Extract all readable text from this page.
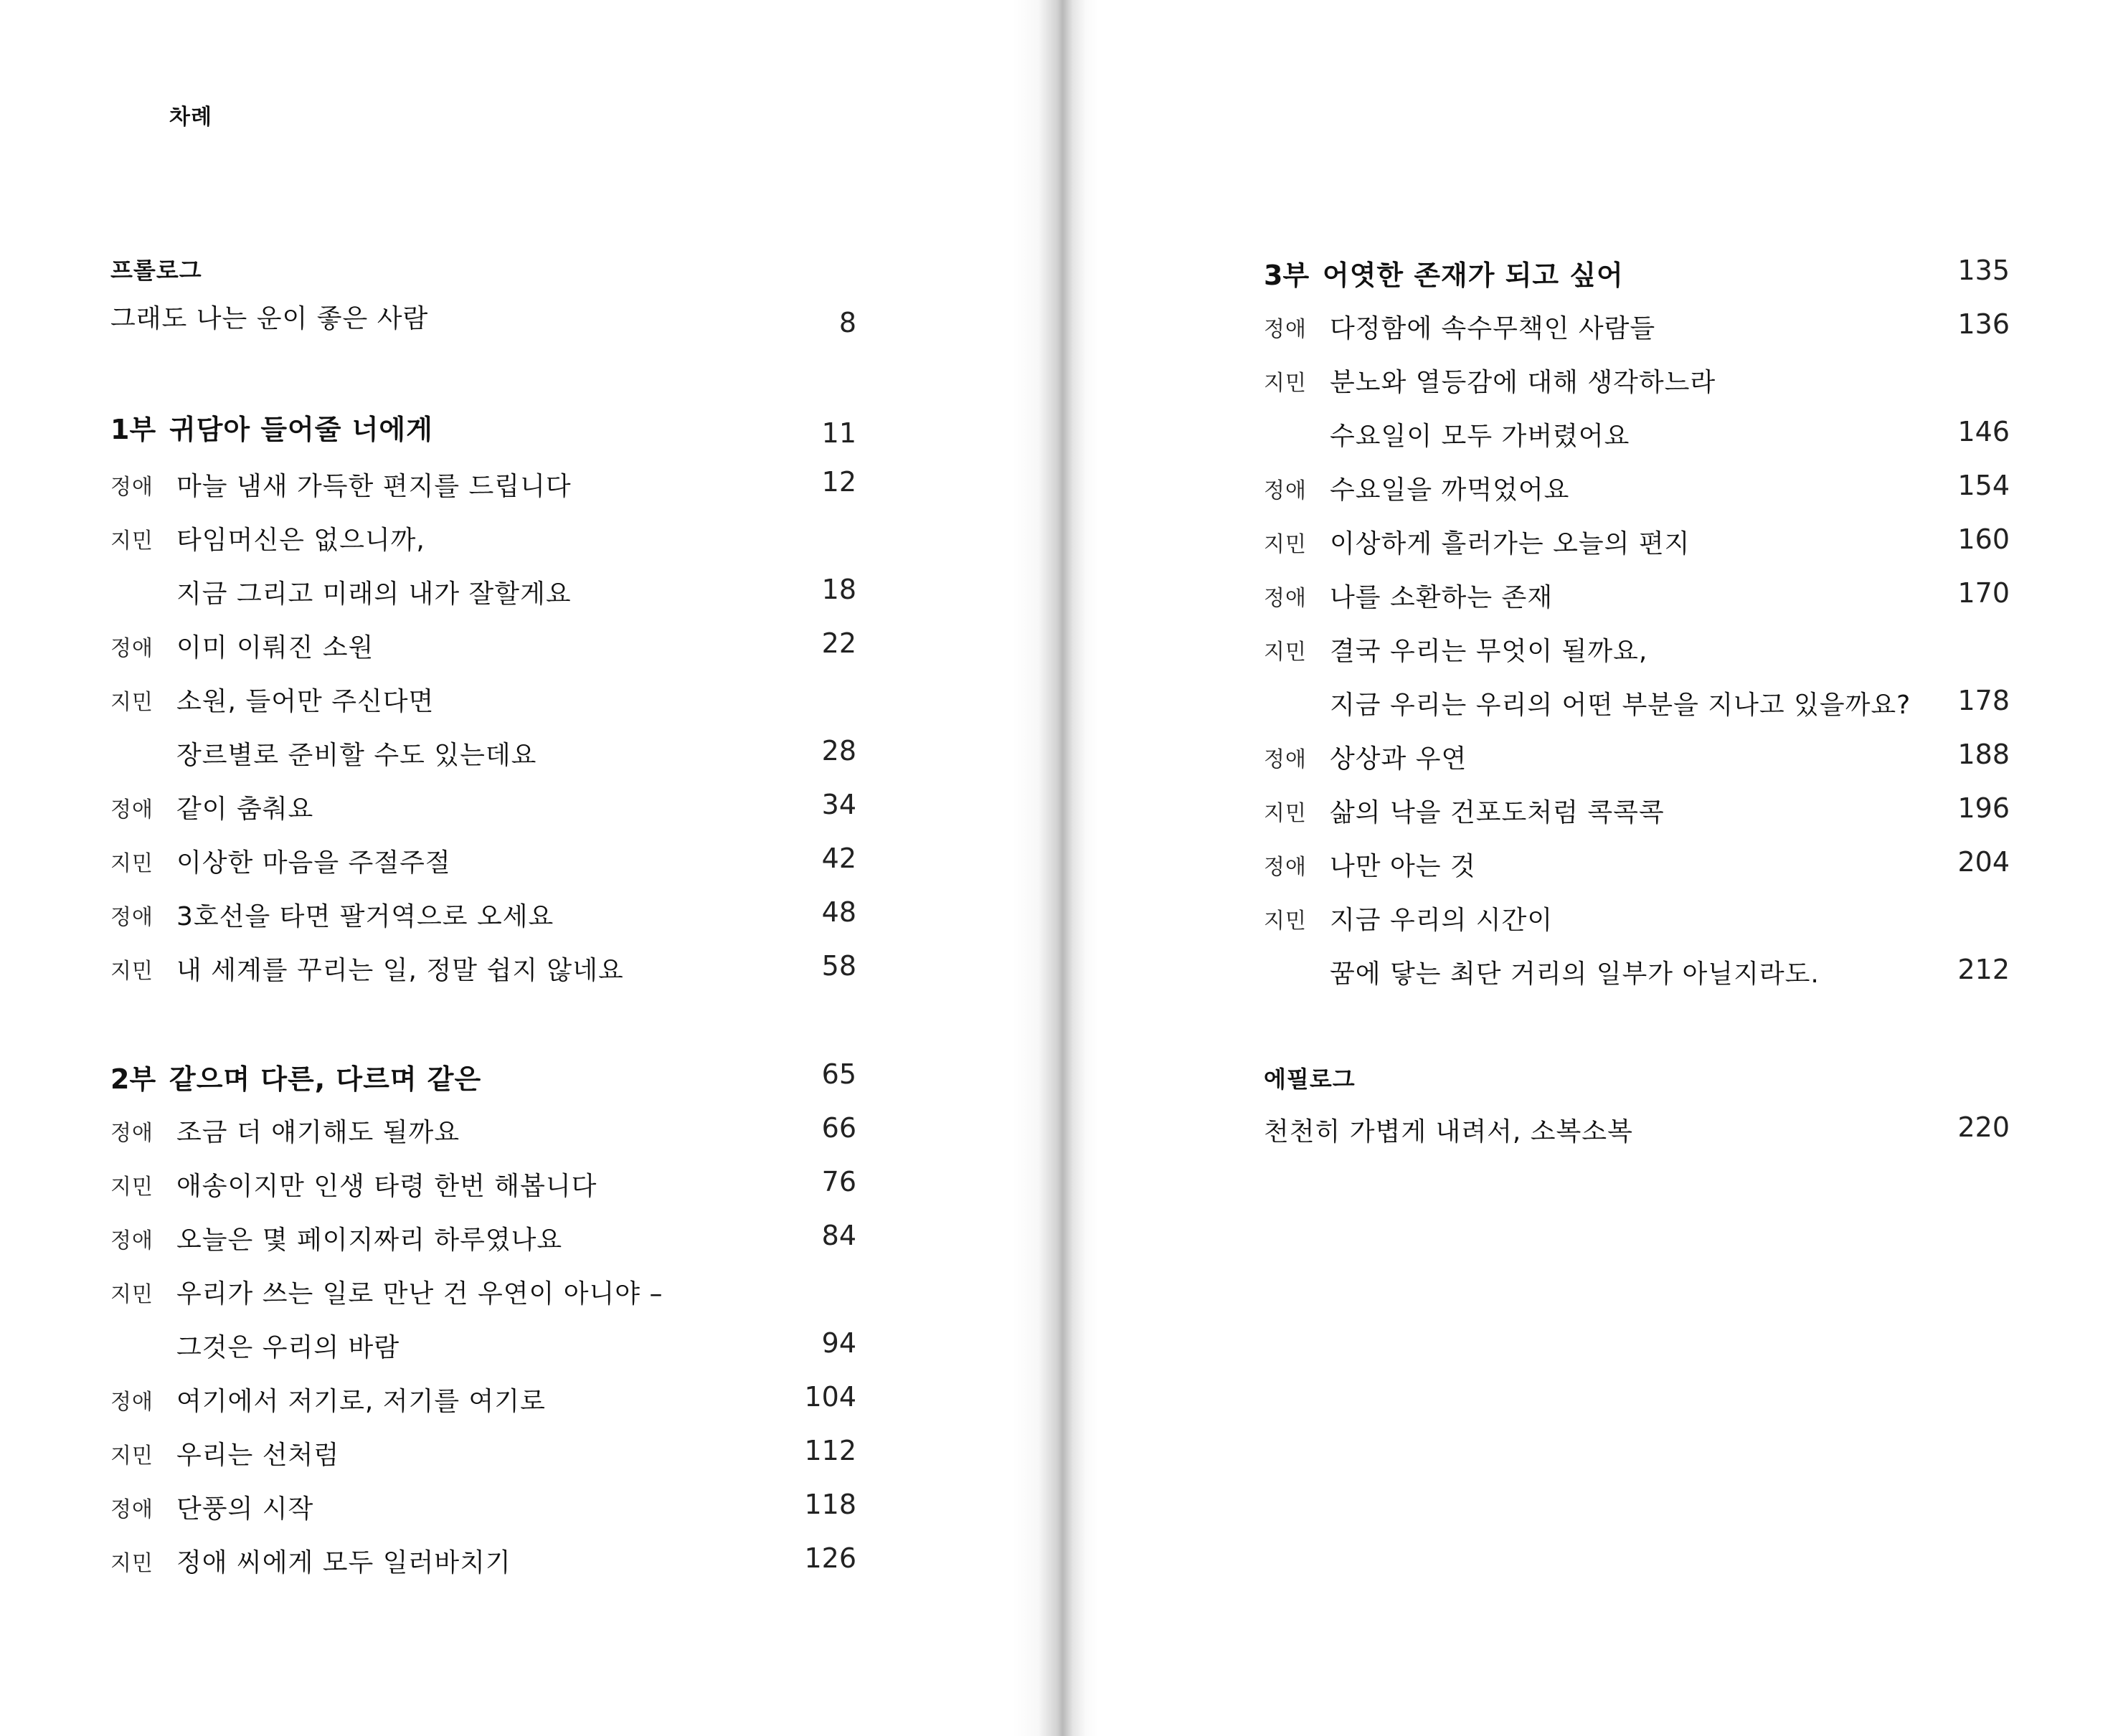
차례
프롤로그
그래도 나는 운이 좋은 사람	8
1부 귀담아 들어줄 너에게	11
정애 마늘 냄새 가득한 편지를 드립니다	12
지민 타임머신은 없으니까,
지금 그리고 미래의 내가 잘할게요	18
정애 이미 이뤄진 소원	22
지민 소원, 들어만 주신다면
장르별로 준비할 수도 있는데요	28
정애 같이 춤춰요	34
지민 이상한 마음을 주절주절	42
정애 3호선을 타면 팔거역으로 오세요	48
지민 내 세계를 꾸리는 일, 정말 쉽지 않네요	58
2부 같으며 다른, 다르며 같은	65
정애 조금 더 얘기해도 될까요	66
지민 애송이지만 인생 타령 한번 해봅니다	76
정애 오늘은 몇 페이지짜리 하루였나요	84
지민 우리가 쓰는 일로 만난 건 우연이 아니야 –
그것은 우리의 바람	94
정애 여기에서 저기로, 저기를 여기로	104
지민 우리는 선처럼	112
정애 단풍의 시작	118
지민 정애 씨에게 모두 일러바치기	126
3부 어엿한 존재가 되고 싶어	135
정애 다정함에 속수무책인 사람들	136
지민 분노와 열등감에 대해 생각하느라
수요일이 모두 가버렸어요	146
정애 수요일을 까먹었어요	154
지민 이상하게 흘러가는 오늘의 편지	160
정애 나를 소환하는 존재	170
지민 결국 우리는 무엇이 될까요,
지금 우리는 우리의 어떤 부분을 지나고 있을까요? 178
정애 상상과 우연	188
지민 삶의 낙을 건포도처럼 콕콕콕	196
정애 나만 아는 것	204
지민 지금 우리의 시간이
꿈에 닿는 최단 거리의 일부가 아닐지라도.	212
에필로그
천천히 가볍게 내려서, 소복소복	220
